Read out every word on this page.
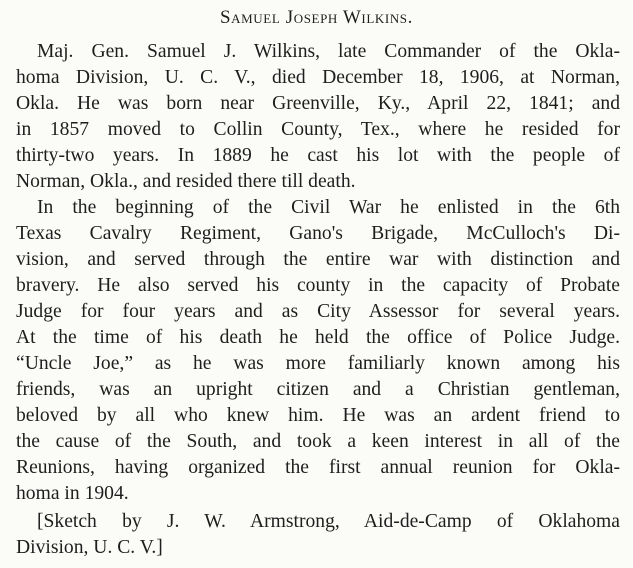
Samuel Joseph Wilkins.
Maj. Gen. Samuel J. Wilkins, late Commander of the Okla-
homa Division, U. C. V., died December 18, 1906, at Norman,
Okla. He was born near Greenville, Ky., April 22, 1841; and
in 1857 moved to Collin County, Tex., where he resided for
thirty-two years. In 1889 he cast his lot with the people of
Norman, Okla., and resided there till death.
In the beginning of the Civil War he enlisted in the 6th
Texas Cavalry Regiment, Gano's Brigade, McCulloch's Di-
vision, and served through the entire war with distinction and
bravery. He also served his county in the capacity of Probate
Judge for four years and as City Assessor for several years.
At the time of his death he held the office of Police Judge.
“Uncle Joe,” as he was more familiarly known among his
friends, was an upright citizen and a Christian gentleman,
beloved by all who knew him. He was an ardent friend to
the cause of the South, and took a keen interest in all of the
Reunions, having organized the first annual reunion for Okla-
homa in 1904.
[Sketch by J. W. Armstrong, Aid-de-Camp of Oklahoma
Division, U. C. V.]
